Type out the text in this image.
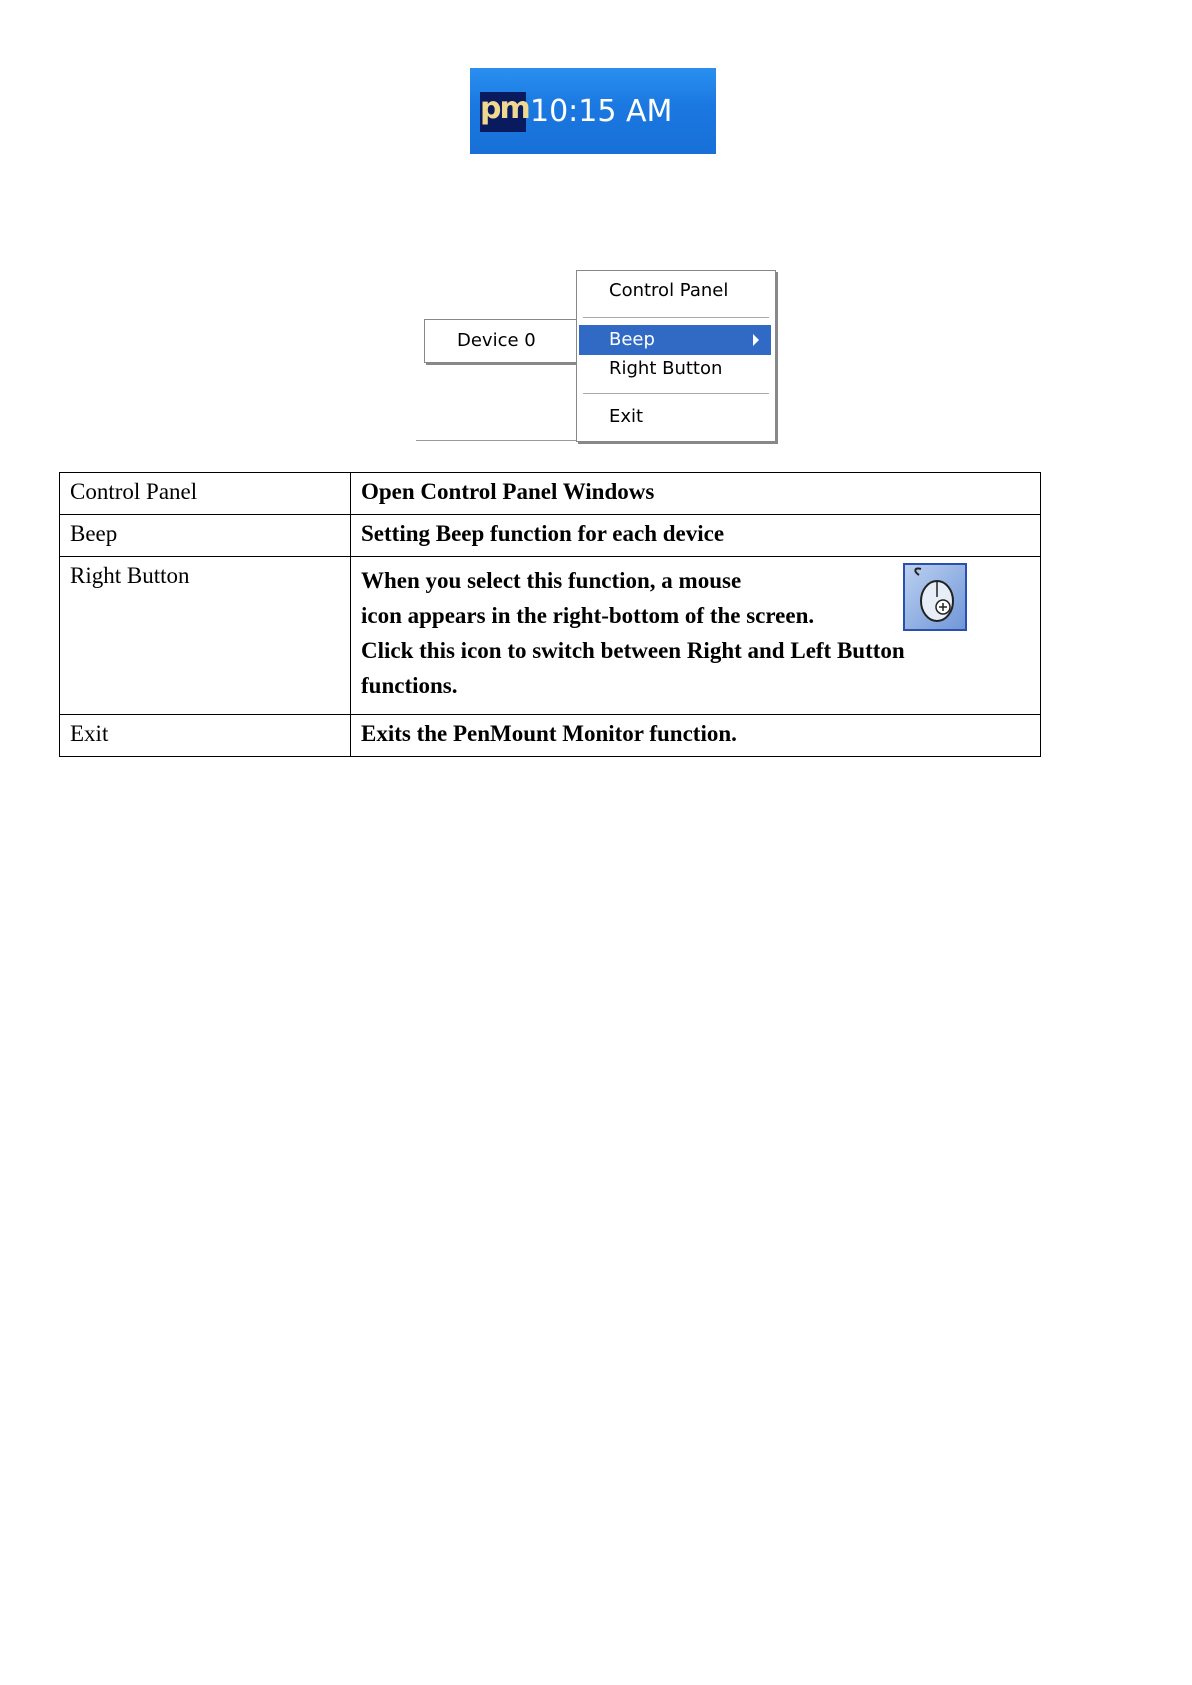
pm 10:15 AM
Device 0
Control Panel
Beep
Right Button
Exit
Control Panel	Open Control Panel Windows
Beep	Setting Beep function for each device
Right Button	When you select this function, a mouse
icon appears in the right-bottom of the screen.
Click this icon to switch between Right and Left Button
functions.

Exit	Exits the PenMount Monitor function.
